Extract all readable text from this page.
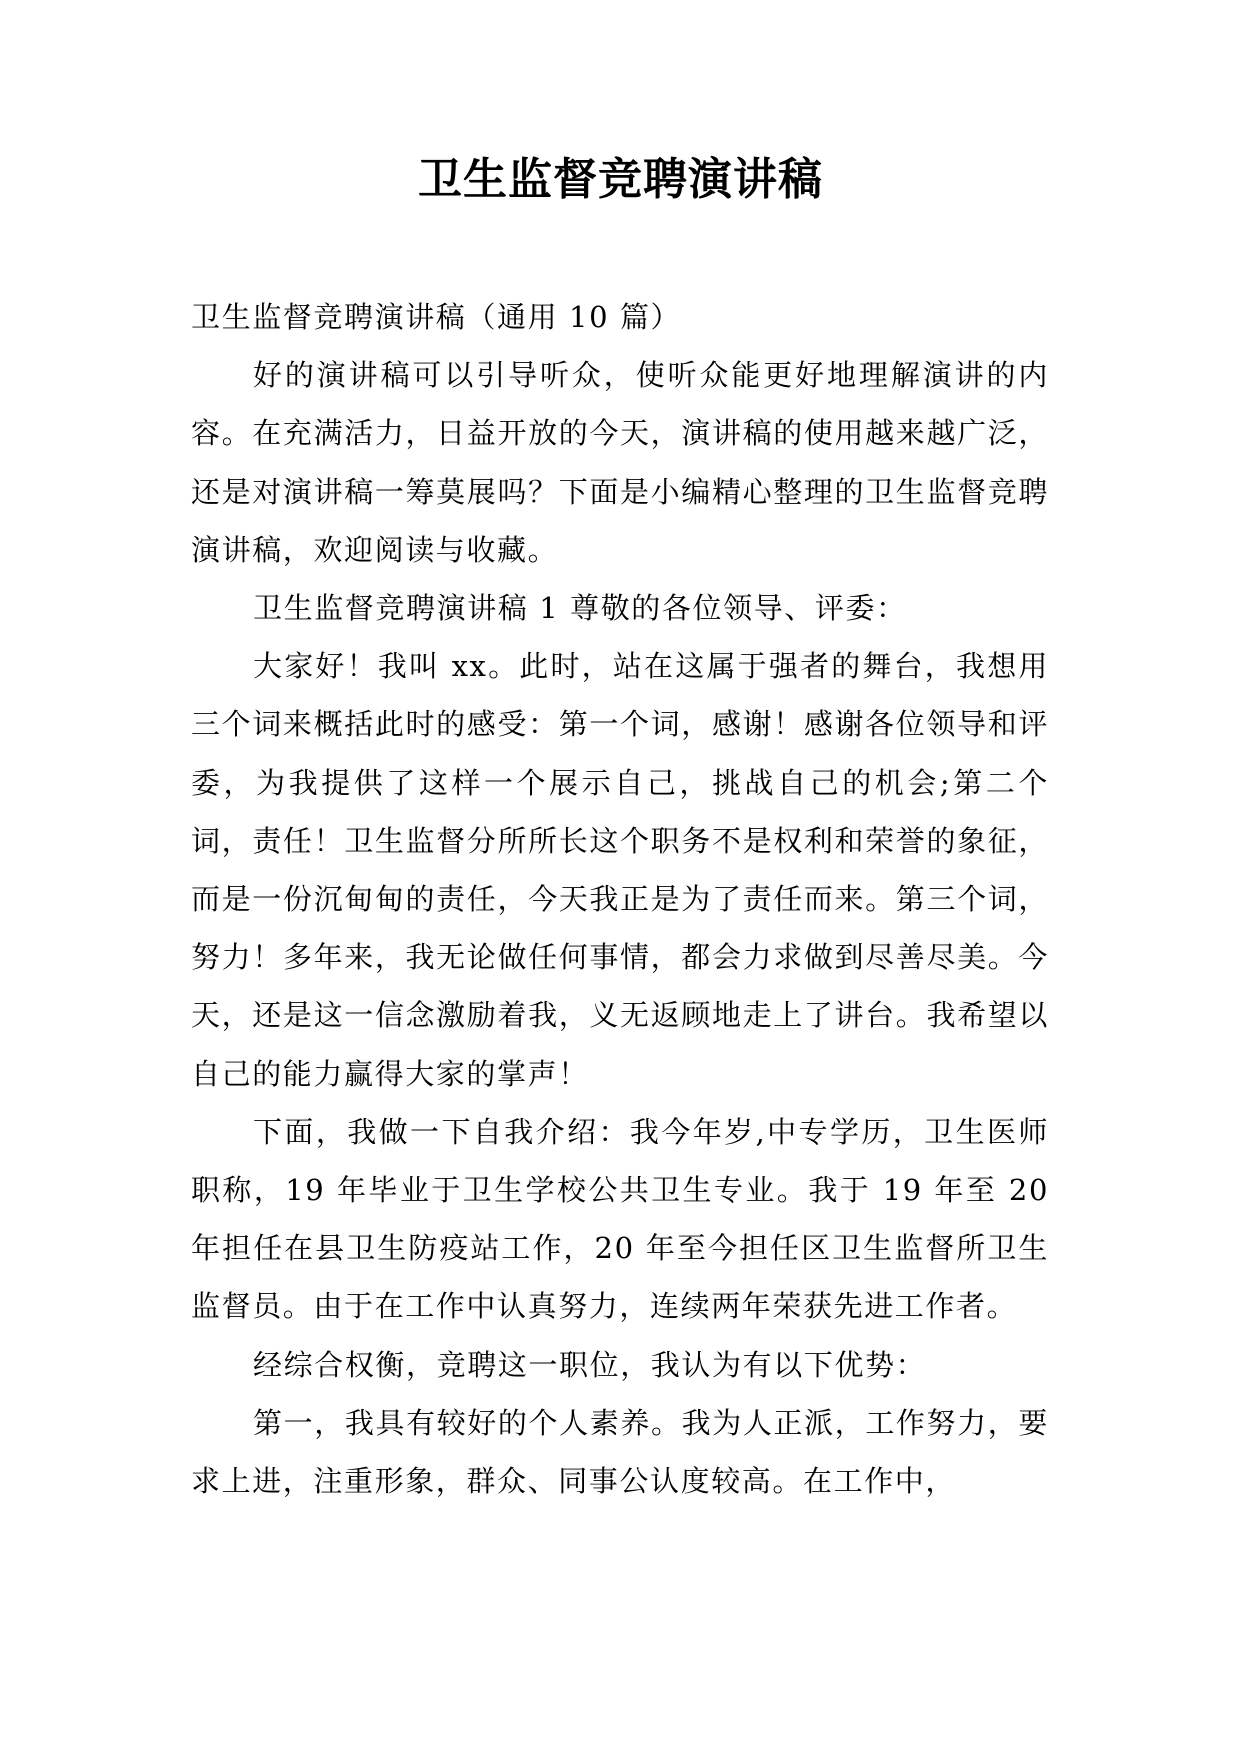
卫生监督竞聘演讲稿

卫生监督竞聘演讲稿（通用 10 篇）

好的演讲稿可以引导听众，使听众能更好地理解演讲的内容。在充满活力，日益开放的今天，演讲稿的使用越来越广泛，还是对演讲稿一筹莫展吗？下面是小编精心整理的卫生监督竞聘演讲稿，欢迎阅读与收藏。

卫生监督竞聘演讲稿 1 尊敬的各位领导、评委：

大家好！我叫 xx。此时，站在这属于强者的舞台，我想用三个词来概括此时的感受：第一个词，感谢！感谢各位领导和评委，为我提供了这样一个展示自己，挑战自己的机会;第二个词，责任！卫生监督分所所长这个职务不是权利和荣誉的象征，而是一份沉甸甸的责任，今天我正是为了责任而来。第三个词，努力！多年来，我无论做任何事情，都会力求做到尽善尽美。今天，还是这一信念激励着我，义无返顾地走上了讲台。我希望以自己的能力赢得大家的掌声！

下面，我做一下自我介绍：我今年岁,中专学历，卫生医师职称，19 年毕业于卫生学校公共卫生专业。我于 19 年至 20 年担任在县卫生防疫站工作，20 年至今担任区卫生监督所卫生监督员。由于在工作中认真努力，连续两年荣获先进工作者。

经综合权衡，竞聘这一职位，我认为有以下优势：

第一，我具有较好的个人素养。我为人正派，工作努力，要求上进，注重形象，群众、同事公认度较高。在工作中，
